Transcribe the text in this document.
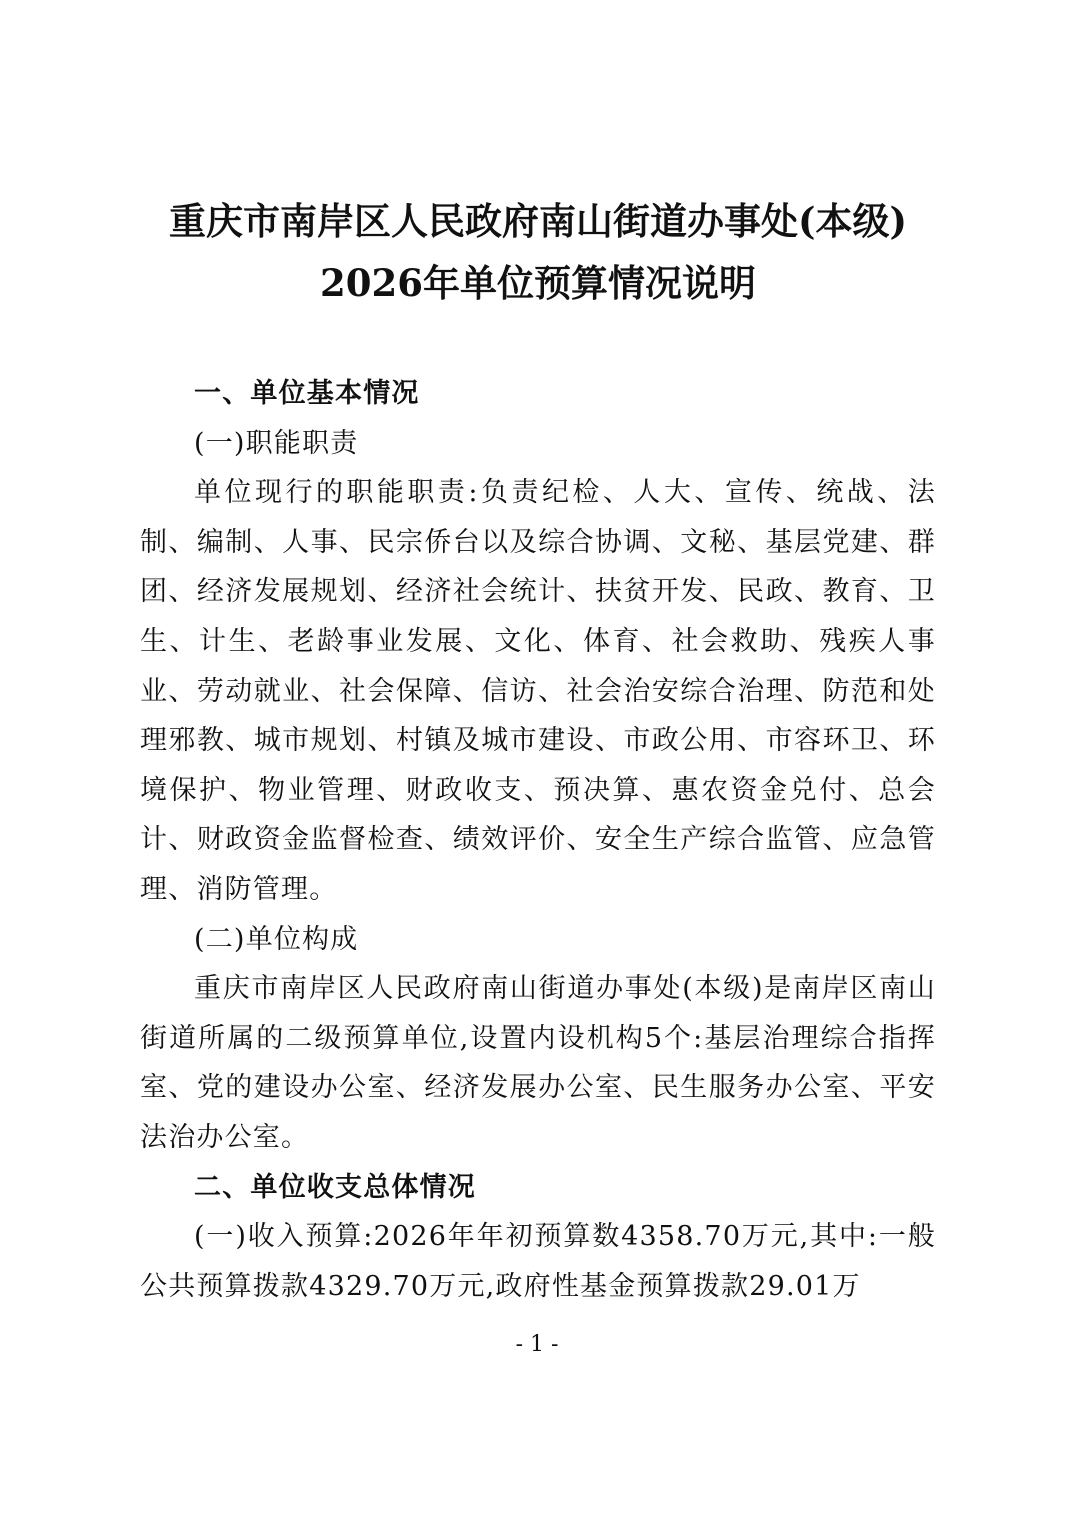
重庆市南岸区人民政府南山街道办事处(本级)
2026年单位预算情况说明

一、单位基本情况

(一)职能职责

单位现行的职能职责:负责纪检、人大、宣传、统战、法制、编制、人事、民宗侨台以及综合协调、文秘、基层党建、群团、经济发展规划、经济社会统计、扶贫开发、民政、教育、卫生、计生、老龄事业发展、文化、体育、社会救助、残疾人事业、劳动就业、社会保障、信访、社会治安综合治理、防范和处理邪教、城市规划、村镇及城市建设、市政公用、市容环卫、环境保护、物业管理、财政收支、预决算、惠农资金兑付、总会计、财政资金监督检查、绩效评价、安全生产综合监管、应急管理、消防管理。

(二)单位构成

重庆市南岸区人民政府南山街道办事处(本级)是南岸区南山街道所属的二级预算单位,设置内设机构5个:基层治理综合指挥室、党的建设办公室、经济发展办公室、民生服务办公室、平安法治办公室。

二、单位收支总体情况

(一)收入预算:2026年年初预算数4358.70万元,其中:一般公共预算拨款4329.70万元,政府性基金预算拨款29.01万

- 1 -
